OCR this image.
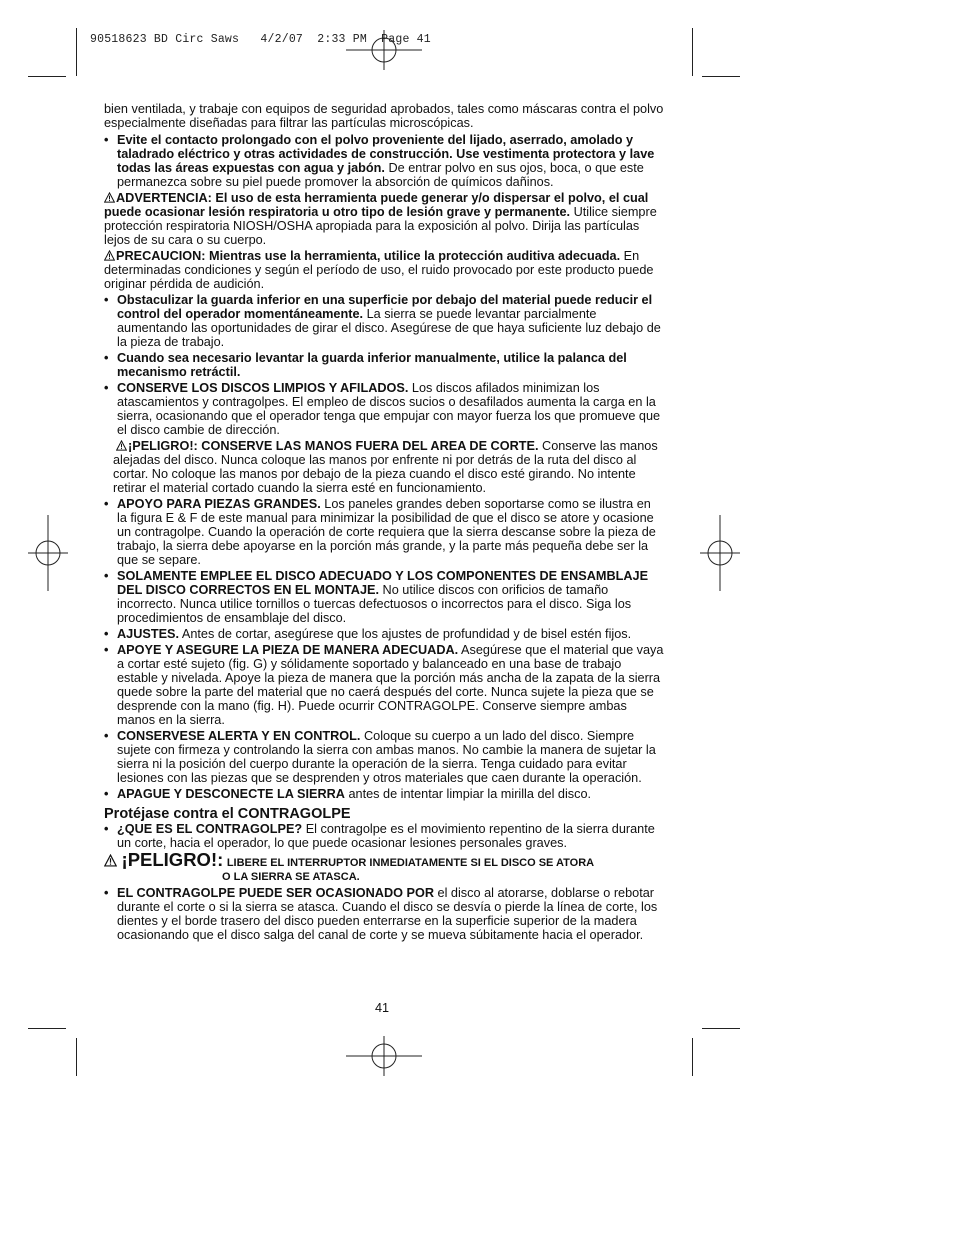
90518623 BD Circ Saws   4/2/07  2:33 PM  Page 41

bien ventilada, y trabaje con equipos de seguridad aprobados, tales como máscaras contra el polvo especialmente diseñadas para filtrar las partículas microscópicas.

• Evite el contacto prolongado con el polvo proveniente del lijado, aserrado, amolado y taladrado eléctrico y otras actividades de construcción. Use vestimenta protectora y lave todas las áreas expuestas con agua y jabón. De entrar polvo en sus ojos, boca, o que este permanezca sobre su piel puede promover la absorción de químicos dañinos.
ADVERTENCIA: El uso de esta herramienta puede generar y/o dispersar el polvo, el cual puede ocasionar lesión respiratoria u otro tipo de lesión grave y permanente. Utilice siempre protección respiratoria NIOSH/OSHA apropiada para la exposición al polvo. Dirija las partículas lejos de su cara o su cuerpo.
PRECAUCION: Mientras use la herramienta, utilice la protección auditiva adecuada. En determinadas condiciones y según el período de uso, el ruido provocado por este producto puede originar pérdida de audición.
• Obstaculizar la guarda inferior en una superficie por debajo del material puede reducir el control del operador momentáneamente. La sierra se puede levantar parcialmente aumentando las oportunidades de girar el disco. Asegúrese de que haya suficiente luz debajo de la pieza de trabajo.
• Cuando sea necesario levantar la guarda inferior manualmente, utilice la palanca del mecanismo retráctil.
• CONSERVE LOS DISCOS LIMPIOS Y AFILADOS. Los discos afilados minimizan los atascamientos y contragolpes. El empleo de discos sucios o desafilados aumenta la carga en la sierra, ocasionando que el operador tenga que empujar con mayor fuerza los que promueve que el disco cambie de dirección.
¡PELIGRO!: CONSERVE LAS MANOS FUERA DEL AREA DE CORTE. Conserve las manos alejadas del disco. Nunca coloque las manos por enfrente ni por detrás de la ruta del disco al cortar. No coloque las manos por debajo de la pieza cuando el disco esté girando. No intente retirar el material cortado cuando la sierra esté en funcionamiento.
• APOYO PARA PIEZAS GRANDES. Los paneles grandes deben soportarse como se ilustra en la figura E & F de este manual para minimizar la posibilidad de que el disco se atore y ocasione un contragolpe. Cuando la operación de corte requiera que la sierra descanse sobre la pieza de trabajo, la sierra debe apoyarse en la porción más grande, y la parte más pequeña debe ser la que se separe.
• SOLAMENTE EMPLEE EL DISCO ADECUADO Y LOS COMPONENTES DE ENSAMBLAJE DEL DISCO CORRECTOS EN EL MONTAJE. No utilice discos con orificios de tamaño incorrecto. Nunca utilice tornillos o tuercas defectuosos o incorrectos para el disco. Siga los procedimientos de ensamblaje del disco.
• AJUSTES. Antes de cortar, asegúrese que los ajustes de profundidad y de bisel estén fijos.
• APOYE Y ASEGURE LA PIEZA DE MANERA ADECUADA. Asegúrese que el material que vaya a cortar esté sujeto (fig. G) y sólidamente soportado y balanceado en una base de trabajo estable y nivelada. Apoye la pieza de manera que la porción más ancha de la zapata de la sierra quede sobre la parte del material que no caerá después del corte. Nunca sujete la pieza que se desprende con la mano (fig. H). Puede ocurrir CONTRAGOLPE. Conserve siempre ambas manos en la sierra.
• CONSERVESE ALERTA Y EN CONTROL. Coloque su cuerpo a un lado del disco. Siempre sujete con firmeza y controlando la sierra con ambas manos. No cambie la manera de sujetar la sierra ni la posición del cuerpo durante la operación de la sierra. Tenga cuidado para evitar lesiones con las piezas que se desprenden y otros materiales que caen durante la operación.
• APAGUE Y DESCONECTE LA SIERRA antes de intentar limpiar la mirilla del disco.
Protéjase contra el CONTRAGOLPE
• ¿QUE ES EL CONTRAGOLPE? El contragolpe es el movimiento repentino de la sierra durante un corte, hacia el operador, lo que puede ocasionar lesiones personales graves.
¡PELIGRO!: LIBERE EL INTERRUPTOR INMEDIATAMENTE SI EL DISCO SE ATORA
O LA SIERRA SE ATASCA.
• EL CONTRAGOLPE PUEDE SER OCASIONADO POR el disco al atorarse, doblarse o rebotar durante el corte o si la sierra se atasca. Cuando el disco se desvía o pierde la línea de corte, los dientes y el borde trasero del disco pueden enterrarse en la superficie superior de la madera ocasionando que el disco salga del canal de corte y se mueva súbitamente hacia el operador.
41
